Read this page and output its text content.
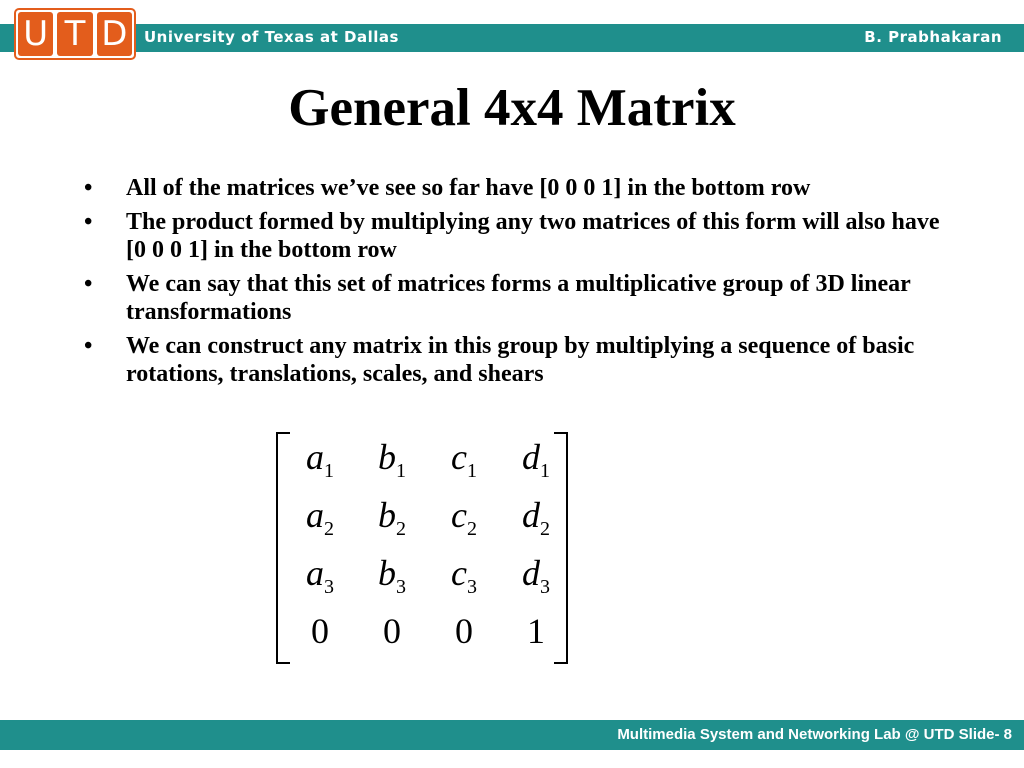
University of Texas at Dallas	B. Prabhakaran
U T D
General 4x4 Matrix
• All of the matrices we’ve see so far have [0 0 0 1] in the bottom row
• The product formed by multiplying any two matrices of this form will also have [0 0 0 1] in the bottom row
• We can say that this set of matrices forms a multiplicative group of 3D linear transformations
• We can construct any matrix in this group by multiplying a sequence of basic rotations, translations, scales, and shears
$a_1$	$b_1$	$c_1$	$d_1$
$a_2$	$b_2$	$c_2$	$d_2$
$a_3$	$b_3$	$c_3$	$d_3$
0	0	0	1
Multimedia System and Networking Lab @ UTD Slide- 8
